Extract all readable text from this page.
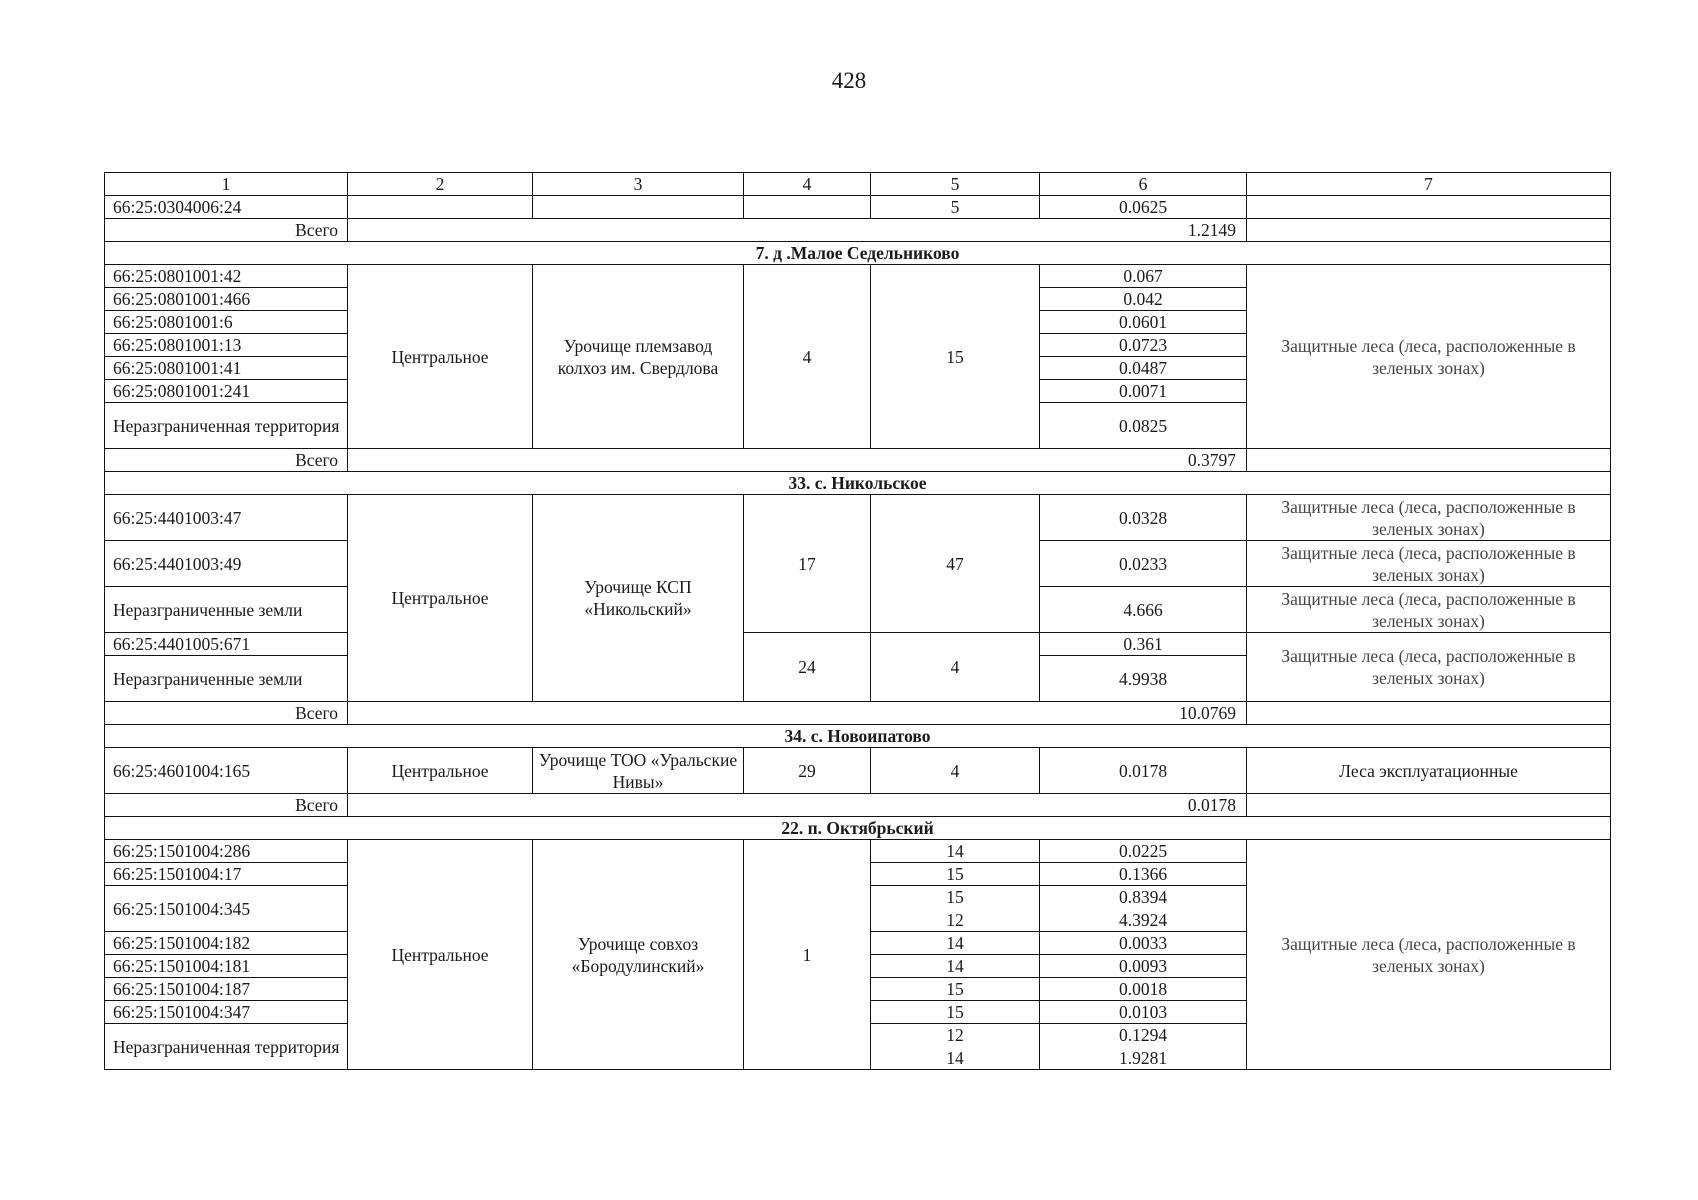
428
1	2	3	4	5	6	7
66:25:0304006:24				5	0.0625	
Всего	1.2149					
7. д .Малое Седельниково						
66:25:0801001:42	Центральное	Урочище племзавод колхоз им. Свердлова	4	15	0.067	Защитные леса (леса, расположенные в зеленых зонах)
66:25:0801001:466					0.042	
66:25:0801001:6					0.0601	
66:25:0801001:13					0.0723	
66:25:0801001:41					0.0487	
66:25:0801001:241					0.0071	
Неразграниченная территория					0.0825	
Всего	0.3797					
33. с. Никольское						
66:25:4401003:47	Центральное	Урочище КСП «Никольский»	17	47	0.0328	Защитные леса (леса, расположенные в зеленых зонах)
66:25:4401003:49					0.0233	Защитные леса (леса, расположенные в зеленых зонах)
Неразграниченные земли					4.666	Защитные леса (леса, расположенные в зеленых зонах)
66:25:4401005:671			24	4	0.361	Защитные леса (леса, расположенные в зеленых зонах)
Неразграниченные земли					4.9938	
Всего	10.0769					
34. с. Новоипатово						
66:25:4601004:165	Центральное	Урочище ТОО «Уральские Нивы»	29	4	0.0178	Леса эксплуатационные
Всего	0.0178					
22. п. Октябрьский						
66:25:1501004:286	Центральное	Урочище совхоз «Бородулинский»	1	14	0.0225	Защитные леса (леса, расположенные в зеленых зонах)
66:25:1501004:17				15	0.1366	
66:25:1501004:345				15	0.8394	
				12	4.3924	
66:25:1501004:182				14	0.0033	
66:25:1501004:181				14	0.0093	
66:25:1501004:187				15	0.0018	
66:25:1501004:347				15	0.0103	
Неразграниченная территория				12	0.1294	
				14	1.9281	
